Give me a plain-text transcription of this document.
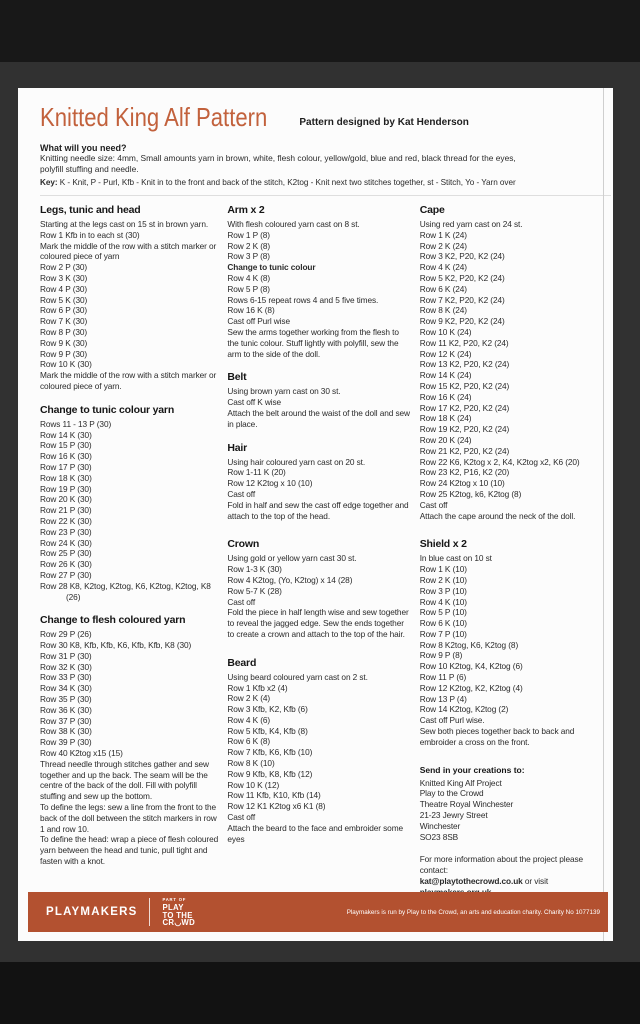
Knitted King Alf Pattern	Pattern designed by Kat Henderson
What will you need?
Knitting needle size: 4mm, Small amounts yarn in brown, white, flesh colour, yellow/gold, blue and red, black thread for the eyes, polyfill stuffing and needle.
Key: K - Knit, P - Purl, Kfb - Knit in to the front and back of the stitch, K2tog - Knit next two stitches together, st - Stitch, Yo - Yarn over
Legs, tunic and head
Starting at the legs cast on 15 st in brown yarn.
Row 1 Kfb in to each st (30)
Mark the middle of the row with a stitch marker or coloured piece of yarn
Row 2 P (30)
Row 3 K (30)
Row 4 P (30)
Row 5 K (30)
Row 6 P (30)
Row 7 K (30)
Row 8 P (30)
Row 9 K (30)
Row 9 P (30)
Row 10 K (30)
Mark the middle of the row with a stitch marker or coloured piece of yarn.
Change to tunic colour yarn
Rows 11 - 13 P (30)
Row 14 K (30)
Row 15 P (30)
Row 16 K (30)
Row 17 P (30)
Row 18 K (30)
Row 19 P (30)
Row 20 K (30)
Row 21 P (30)
Row 22 K (30)
Row 23 P (30)
Row 24 K (30)
Row 25 P (30)
Row 26 K (30)
Row 27 P (30)
Row 28 K8, K2tog, K2tog, K6, K2tog, K2tog, K8 (26)
Change to flesh coloured yarn
Row 29 P (26)
Row 30 K8, Kfb, Kfb, K6, Kfb, Kfb, K8 (30)
Row 31 P (30)
Row 32 K (30)
Row 33 P (30)
Row 34 K (30)
Row 35 P (30)
Row 36 K (30)
Row 37 P (30)
Row 38 K (30)
Row 39 P (30)
Row 40 K2tog x15 (15)
Thread needle through stitches gather and sew together and up the back. The seam will be the centre of the back of the doll. Fill with polyfill stuffing and sew up the bottom.
To define the legs: sew a line from the front to the back of the doll between the stitch markers in row 1 and row 10.
To define the head: wrap a piece of flesh coloured yarn between the head and tunic, pull tight and fasten with a knot.
Arm x 2
With flesh coloured yarn cast on 8 st.
Row 1 P (8)
Row 2 K (8)
Row 3 P (8)
Change to tunic colour
Row 4 K (8)
Row 5 P (8)
Rows 6-15 repeat rows 4 and 5 five times.
Row 16 K (8)
Cast off Purl wise
Sew the arms together working from the flesh to the tunic colour. Stuff lightly with polyfill, sew the arm to the side of the doll.
Belt
Using brown yarn cast on 30 st.
Cast off K wise
Attach the belt around the waist of the doll and sew in place.
Hair
Using hair coloured yarn cast on 20 st.
Row 1-11 K (20)
Row 12 K2tog x 10 (10)
Cast off
Fold in half and sew the cast off edge together and attach to the top of the head.
Crown
Using gold or yellow yarn cast 30 st.
Row 1-3 K (30)
Row 4 K2tog, (Yo, K2tog) x 14 (28)
Row 5-7 K (28)
Cast off
Fold the piece in half length wise and sew together to reveal the jagged edge. Sew the ends together to create a crown and attach to the top of the hair.
Beard
Using beard coloured yarn cast on 2 st.
Row 1 Kfb x2 (4)
Row 2 K (4)
Row 3 Kfb, K2, Kfb (6)
Row 4 K (6)
Row 5 Kfb, K4, Kfb (8)
Row 6 K (8)
Row 7 Kfb, K6, Kfb (10)
Row 8 K (10)
Row 9 Kfb, K8, Kfb (12)
Row 10 K (12)
Row 11 Kfb, K10, Kfb (14)
Row 12 K1 K2tog x6 K1 (8)
Cast off
Attach the beard to the face and embroider some eyes
Cape
Using red yarn cast on 24 st.
Row 1 K (24)
Row 2 K (24)
Row 3 K2, P20, K2 (24)
Row 4 K (24)
Row 5 K2, P20, K2 (24)
Row 6 K (24)
Row 7 K2, P20, K2 (24)
Row 8 K (24)
Row 9 K2, P20, K2 (24)
Row 10 K (24)
Row 11 K2, P20, K2 (24)
Row 12 K (24)
Row 13 K2, P20, K2 (24)
Row 14 K (24)
Row 15 K2, P20, K2 (24)
Row 16 K (24)
Row 17 K2, P20, K2 (24)
Row 18 K (24)
Row 19 K2, P20, K2 (24)
Row 20 K (24)
Row 21 K2, P20, K2 (24)
Row 22 K6, K2tog x 2, K4, K2tog x2, K6 (20)
Row 23 K2, P16, K2 (20)
Row 24 K2tog x 10 (10)
Row 25 K2tog, k6, K2tog (8)
Cast off
Attach the cape around the neck of the doll.
Shield x 2
In blue cast on 10 st
Row 1 K (10)
Row 2 K (10)
Row 3 P (10)
Row 4 K (10)
Row 5 P (10)
Row 6 K (10)
Row 7 P (10)
Row 8 K2tog, K6, K2tog (8)
Row 9 P (8)
Row 10 K2tog, K4, K2tog (6)
Row 11 P (6)
Row 12 K2tog, K2, K2tog (4)
Row 13 P (4)
Row 14 K2tog, K2tog (2)
Cast off Purl wise.
Sew both pieces together back to back and embroider a cross on the front.
Send in your creations to:
Knitted King Alf Project
Play to the Crowd
Theatre Royal Winchester
21-23 Jewry Street
Winchester
SO23 8SB
For more information about the project please contact:
kat@playtothecrowd.co.uk or visit
PLAYMAKERS
PART OF
PLAY
TO THE
CR◡WD
Playmakers is run by Play to the Crowd, an arts and education charity. Charity No 1077139
